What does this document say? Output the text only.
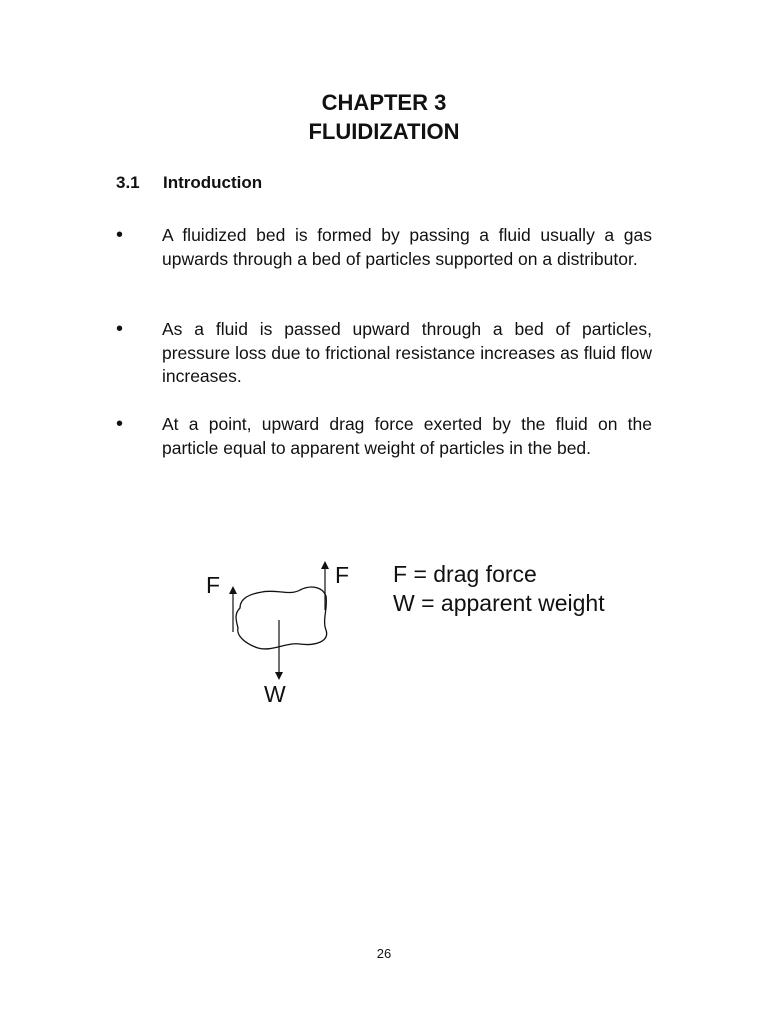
CHAPTER 3
FLUIDIZATION
3.1 Introduction
• A fluidized bed is formed by passing a fluid usually a gas upwards through a bed of particles supported on a distributor.
• As a fluid is passed upward through a bed of particles, pressure loss due to frictional resistance increases as fluid flow increases.
• At a point, upward drag force exerted by the fluid on the particle equal to apparent weight of particles in the bed.
F	F
W
F = drag force
W = apparent weight
26
